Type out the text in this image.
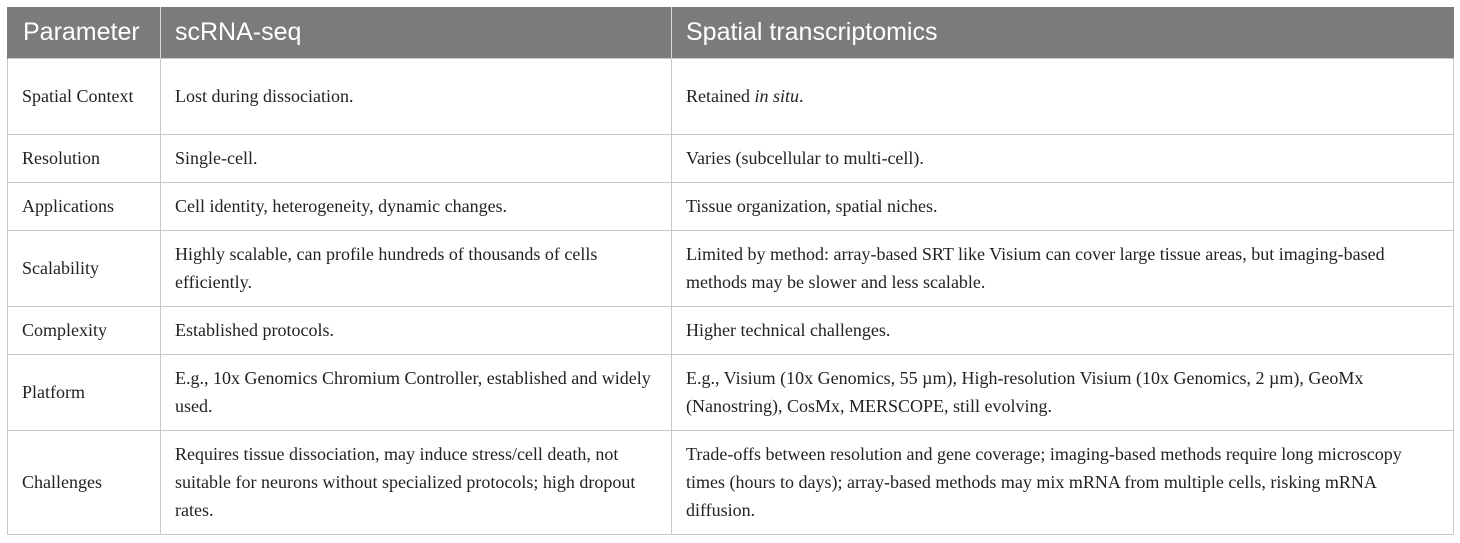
Parameter	scRNA-seq	Spatial transcriptomics
Spatial Context	Lost during dissociation.	Retained in situ.
Resolution	Single-cell.	Varies (subcellular to multi-cell).
Applications	Cell identity, heterogeneity, dynamic changes.	Tissue organization, spatial niches.
Scalability	Highly scalable, can profile hundreds of thousands of cells efficiently.	Limited by method: array-based SRT like Visium can cover large tissue areas, but imaging-based methods may be slower and less scalable.
Complexity	Established protocols.	Higher technical challenges.
Platform	E.g., 10x Genomics Chromium Controller, established and widely used.	E.g., Visium (10x Genomics, 55 µm), High-resolution Visium (10x Genomics, 2 µm), GeoMx (Nanostring), CosMx, MERSCOPE, still evolving.
Challenges	Requires tissue dissociation, may induce stress/cell death, not suitable for neurons without specialized protocols; high dropout rates.	Trade-offs between resolution and gene coverage; imaging-based methods require long microscopy times (hours to days); array-based methods may mix mRNA from multiple cells, risking mRNA diffusion.
